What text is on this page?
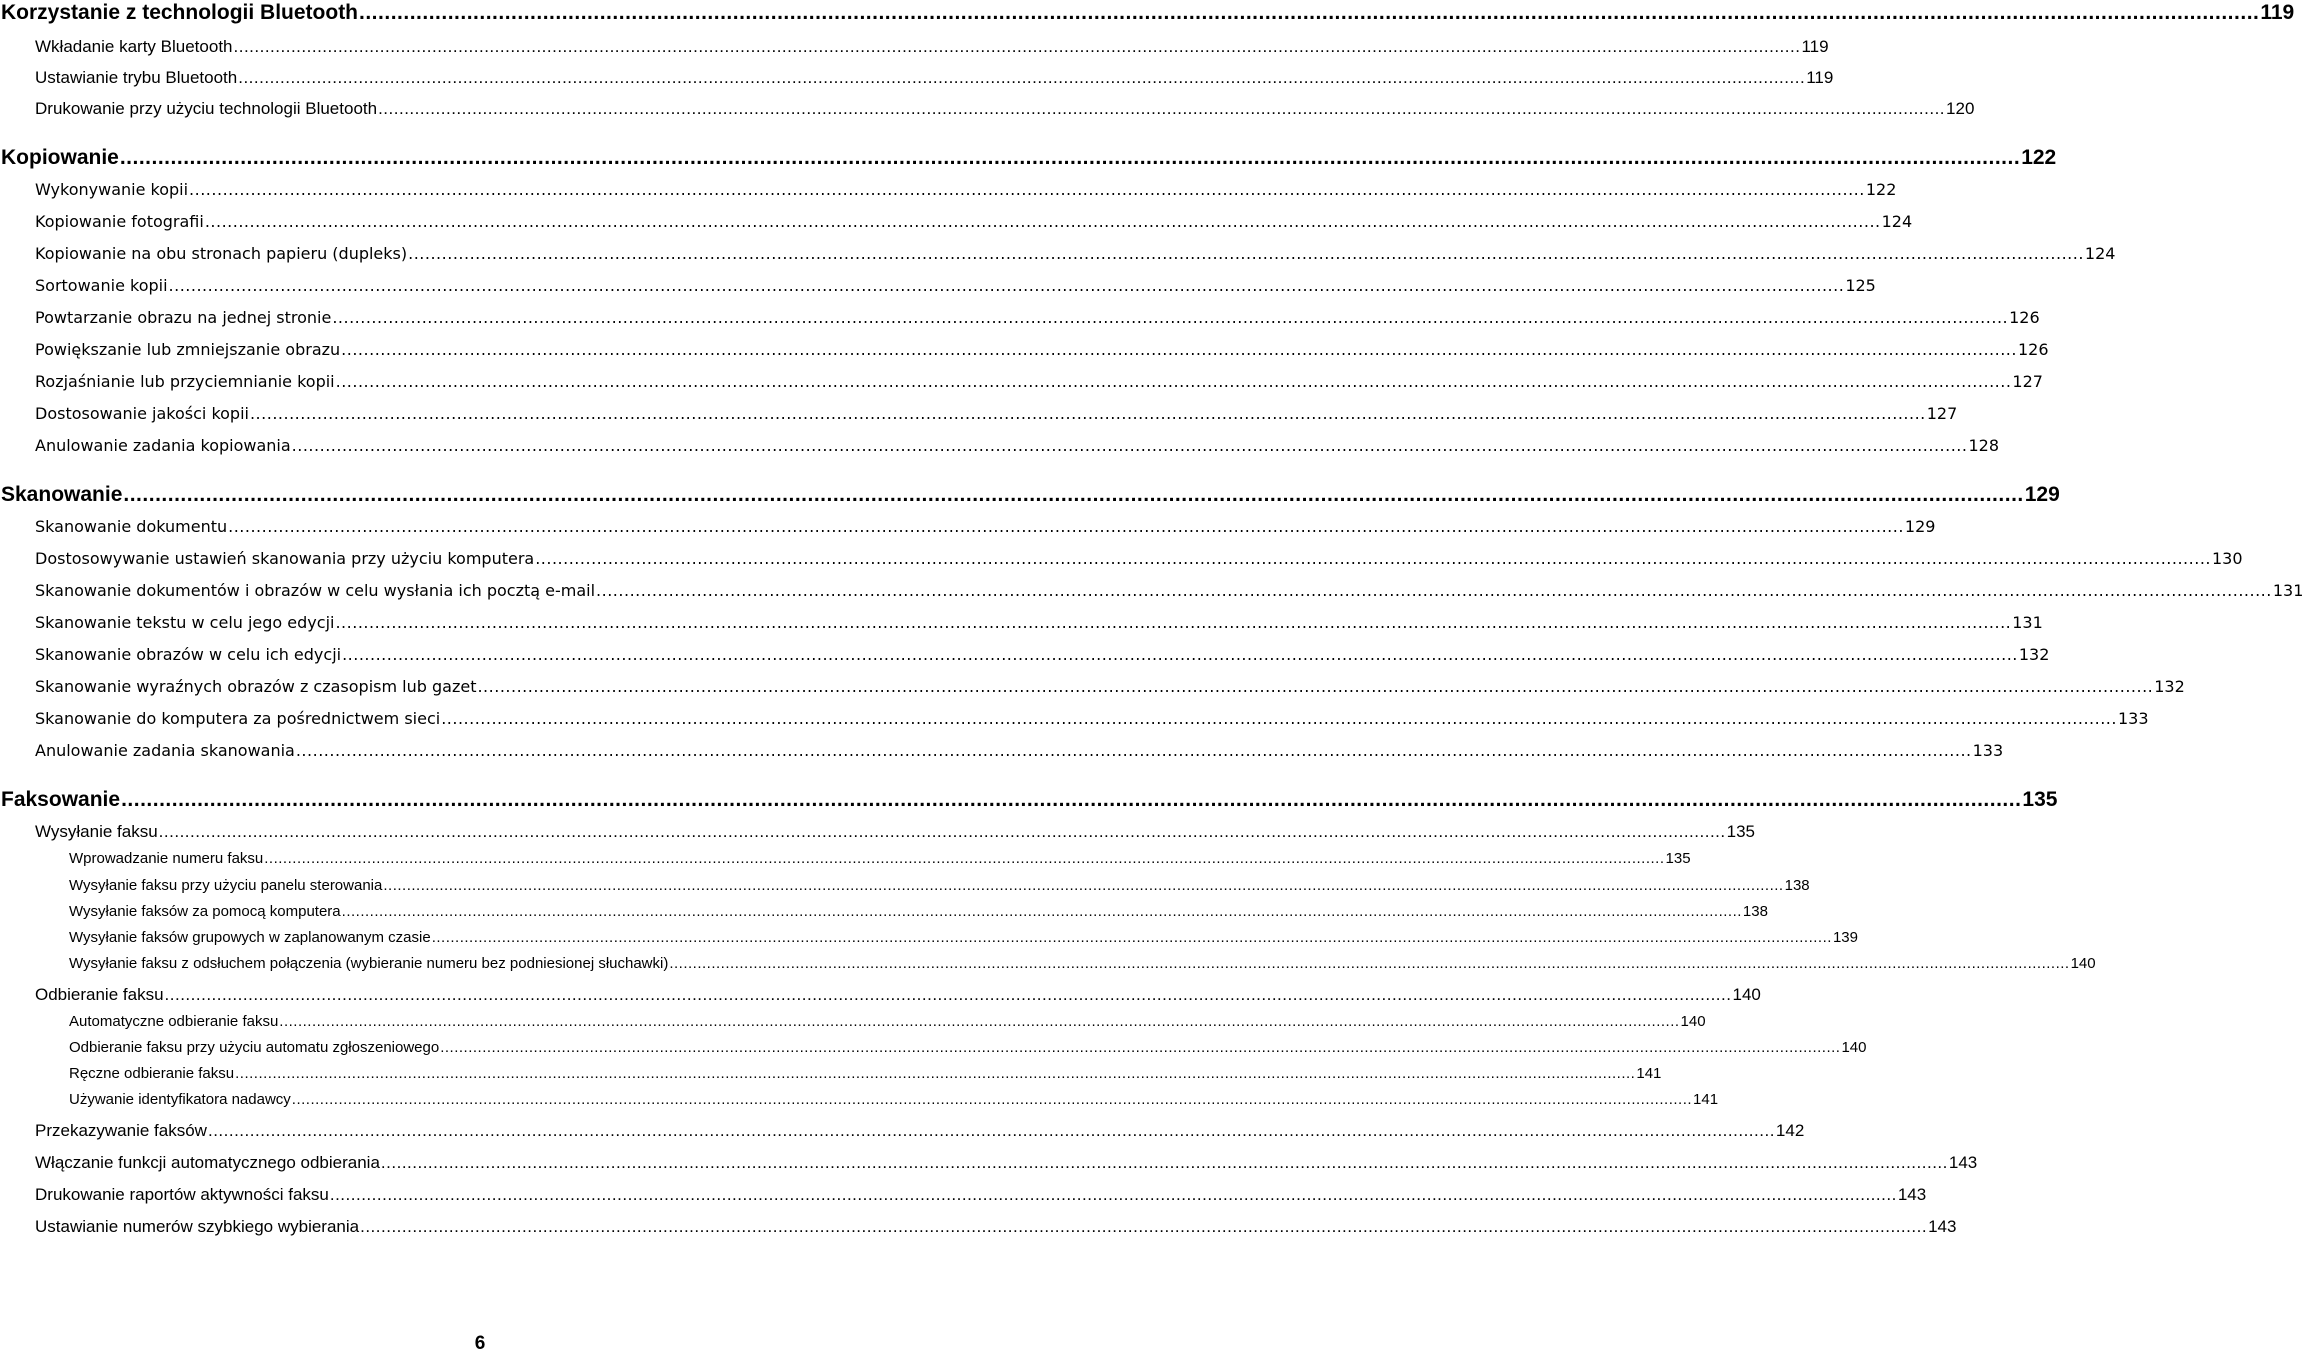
Korzystanie z technologii Bluetooth ............................................................................................................................................................................................................................................................................................................ 119
Wkładanie karty Bluetooth ............................................................................................................................................................................................................................................................................................................ 119
Ustawianie trybu Bluetooth ............................................................................................................................................................................................................................................................................................................ 119
Drukowanie przy użyciu technologii Bluetooth ............................................................................................................................................................................................................................................................................................................ 120
Kopiowanie ............................................................................................................................................................................................................................................................................................................ 122
Wykonywanie kopii ............................................................................................................................................................................................................................................................................................................ 122
Kopiowanie fotografii ............................................................................................................................................................................................................................................................................................................ 124
Kopiowanie na obu stronach papieru (dupleks) ............................................................................................................................................................................................................................................................................................................ 124
Sortowanie kopii ............................................................................................................................................................................................................................................................................................................ 125
Powtarzanie obrazu na jednej stronie ............................................................................................................................................................................................................................................................................................................ 126
Powiększanie lub zmniejszanie obrazu ............................................................................................................................................................................................................................................................................................................ 126
Rozjaśnianie lub przyciemnianie kopii ............................................................................................................................................................................................................................................................................................................ 127
Dostosowanie jakości kopii ............................................................................................................................................................................................................................................................................................................ 127
Anulowanie zadania kopiowania ............................................................................................................................................................................................................................................................................................................ 128
Skanowanie ............................................................................................................................................................................................................................................................................................................ 129
Skanowanie dokumentu ............................................................................................................................................................................................................................................................................................................ 129
Dostosowywanie ustawień skanowania przy użyciu komputera ............................................................................................................................................................................................................................................................................................................ 130
Skanowanie dokumentów i obrazów w celu wysłania ich pocztą e-mail ............................................................................................................................................................................................................................................................................................................ 131
Skanowanie tekstu w celu jego edycji ............................................................................................................................................................................................................................................................................................................ 131
Skanowanie obrazów w celu ich edycji ............................................................................................................................................................................................................................................................................................................ 132
Skanowanie wyraźnych obrazów z czasopism lub gazet ............................................................................................................................................................................................................................................................................................................ 132
Skanowanie do komputera za pośrednictwem sieci ............................................................................................................................................................................................................................................................................................................ 133
Anulowanie zadania skanowania ............................................................................................................................................................................................................................................................................................................ 133
Faksowanie ............................................................................................................................................................................................................................................................................................................ 135
Wysyłanie faksu ............................................................................................................................................................................................................................................................................................................ 135
Wprowadzanie numeru faksu ............................................................................................................................................................................................................................................................................................................ 135
Wysyłanie faksu przy użyciu panelu sterowania ............................................................................................................................................................................................................................................................................................................ 138
Wysyłanie faksów za pomocą komputera ............................................................................................................................................................................................................................................................................................................ 138
Wysyłanie faksów grupowych w zaplanowanym czasie ............................................................................................................................................................................................................................................................................................................ 139
Wysyłanie faksu z odsłuchem połączenia (wybieranie numeru bez podniesionej słuchawki) ............................................................................................................................................................................................................................................................................................................ 140
Odbieranie faksu ............................................................................................................................................................................................................................................................................................................ 140
Automatyczne odbieranie faksu ............................................................................................................................................................................................................................................................................................................ 140
Odbieranie faksu przy użyciu automatu zgłoszeniowego ............................................................................................................................................................................................................................................................................................................ 140
Ręczne odbieranie faksu ............................................................................................................................................................................................................................................................................................................ 141
Używanie identyfikatora nadawcy ............................................................................................................................................................................................................................................................................................................ 141
Przekazywanie faksów ............................................................................................................................................................................................................................................................................................................ 142
Włączanie funkcji automatycznego odbierania ............................................................................................................................................................................................................................................................................................................ 143
Drukowanie raportów aktywności faksu ............................................................................................................................................................................................................................................................................................................ 143
Ustawianie numerów szybkiego wybierania ............................................................................................................................................................................................................................................................................................................ 143
6
